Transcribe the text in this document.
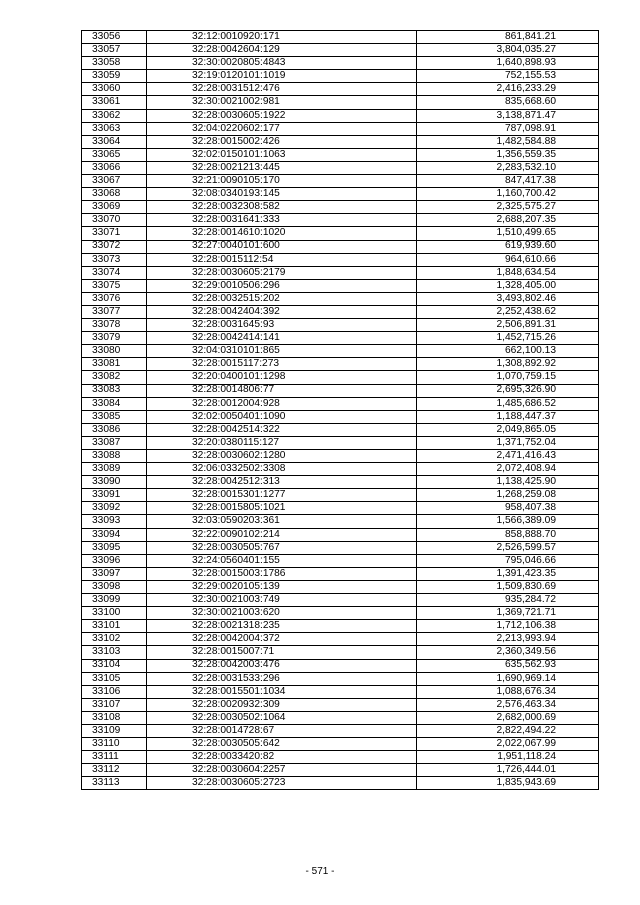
33056	32:12:0010920:171	861,841.21
33057	32:28:0042604:129	3,804,035.27
33058	32:30:0020805:4843	1,640,898.93
33059	32:19:0120101:1019	752,155.53
33060	32:28:0031512:476	2,416,233.29
33061	32:30:0021002:981	835,668.60
33062	32:28:0030605:1922	3,138,871.47
33063	32:04:0220602:177	787,098.91
33064	32:28:0015002:426	1,482,584.88
33065	32:02:0150101:1063	1,356,559.35
33066	32:28:0021213:445	2,283,532.10
33067	32:21:0090105:170	847,417.38
33068	32:08:0340193:145	1,160,700.42
33069	32:28:0032308:582	2,325,575.27
33070	32:28:0031641:333	2,688,207.35
33071	32:28:0014610:1020	1,510,499.65
33072	32:27:0040101:600	619,939.60
33073	32:28:0015112:54	964,610.66
33074	32:28:0030605:2179	1,848,634.54
33075	32:29:0010506:296	1,328,405.00
33076	32:28:0032515:202	3,493,802.46
33077	32:28:0042404:392	2,252,438.62
33078	32:28:0031645:93	2,506,891.31
33079	32:28:0042414:141	1,452,715.26
33080	32:04:0310101:865	662,100.13
33081	32:28:0015117:273	1,308,892.92
33082	32:20:0400101:1298	1,070,759.15
33083	32:28:0014806:77	2,695,326.90
33084	32:28:0012004:928	1,485,686.52
33085	32:02:0050401:1090	1,188,447.37
33086	32:28:0042514:322	2,049,865.05
33087	32:20:0380115:127	1,371,752.04
33088	32:28:0030602:1280	2,471,416.43
33089	32:06:0332502:3308	2,072,408.94
33090	32:28:0042512:313	1,138,425.90
33091	32:28:0015301:1277	1,268,259.08
33092	32:28:0015805:1021	958,407.38
33093	32:03:0590203:361	1,566,389.09
33094	32:22:0090102:214	858,888.70
33095	32:28:0030505:767	2,526,599.57
33096	32:24:0560401:155	795,046.66
33097	32:28:0015003:1786	1,391,423.35
33098	32:29:0020105:139	1,509,830.69
33099	32:30:0021003:749	935,284.72
33100	32:30:0021003:620	1,369,721.71
33101	32:28:0021318:235	1,712,106.38
33102	32:28:0042004:372	2,213,993.94
33103	32:28:0015007:71	2,360,349.56
33104	32:28:0042003:476	635,562.93
33105	32:28:0031533:296	1,690,969.14
33106	32:28:0015501:1034	1,088,676.34
33107	32:28:0020932:309	2,576,463.34
33108	32:28:0030502:1064	2,682,000.69
33109	32:28:0014728:67	2,822,494.22
33110	32:28:0030505:642	2,022,067.99
33111	32:28:0033420:82	1,951,118.24
33112	32:28:0030604:2257	1,726,444.01
33113	32:28:0030605:2723	1,835,943.69
- 571 -
